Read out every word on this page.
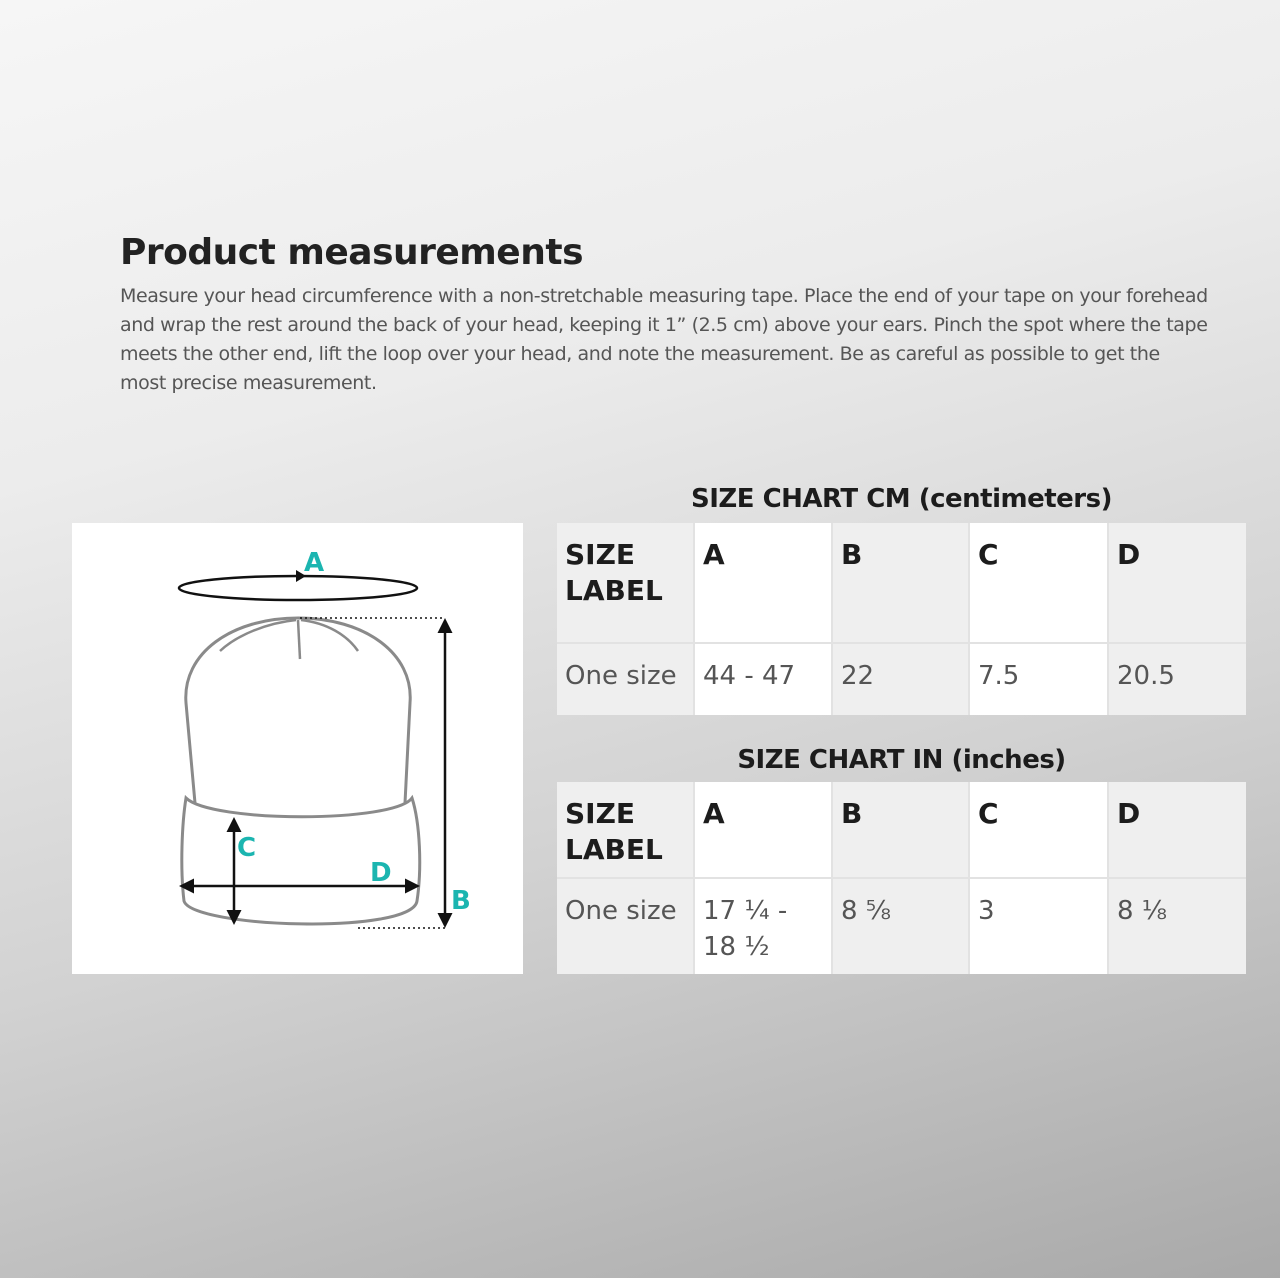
Product measurements
Measure your head circumference with a non-stretchable measuring tape. Place the end of your tape on your forehead and wrap the rest around the back of your head, keeping it 1” (2.5 cm) above your ears. Pinch the spot where the tape meets the other end, lift the loop over your head, and note the measurement. Be as careful as possible to get the most precise measurement.
A
B
C
D
SIZE CHART CM (centimeters)
SIZE LABEL	A	B	C	D
One size	44 - 47	22	7.5	20.5
SIZE CHART IN (inches)
SIZE LABEL	A	B	C	D
One size	17 ¼ - 18 ½	8 ⅝	3	8 ⅛
